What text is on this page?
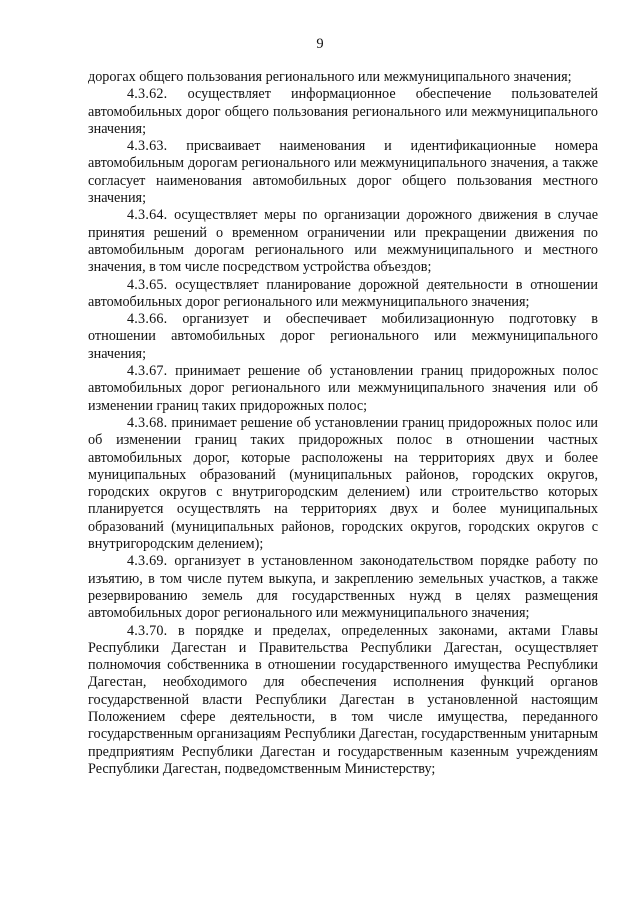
9

дорогах общего пользования регионального или межмуниципального значения;

4.3.62. осуществляет информационное обеспечение пользователей автомобильных дорог общего пользования регионального или межмуниципального значения;

4.3.63. присваивает наименования и идентификационные номера автомобильным дорогам регионального или межмуниципального значения, а также согласует наименования автомобильных дорог общего пользования местного значения;

4.3.64. осуществляет меры по организации дорожного движения в случае принятия решений о временном ограничении или прекращении движения по автомобильным дорогам регионального или межмуниципального и местного значения, в том числе посредством устройства объездов;

4.3.65. осуществляет планирование дорожной деятельности в отношении автомобильных дорог регионального или межмуниципального значения;

4.3.66. организует и обеспечивает мобилизационную подготовку в отношении автомобильных дорог регионального или межмуниципального значения;

4.3.67. принимает решение об установлении границ придорожных полос автомобильных дорог регионального или межмуниципального значения или об изменении границ таких придорожных полос;

4.3.68. принимает решение об установлении границ придорожных полос или об изменении границ таких придорожных полос в отношении частных автомобильных дорог, которые расположены на территориях двух и более муниципальных образований (муниципальных районов, городских округов, городских округов с внутригородским делением) или строительство которых планируется осуществлять на территориях двух и более муниципальных образований (муниципальных районов, городских округов, городских округов с внутригородским делением);

4.3.69. организует в установленном законодательством порядке работу по изъятию, в том числе путем выкупа, и закреплению земельных участков, а также резервированию земель для государственных нужд в целях размещения автомобильных дорог регионального или межмуниципального значения;

4.3.70. в порядке и пределах, определенных законами, актами Главы Республики Дагестан и Правительства Республики Дагестан, осуществляет полномочия собственника в отношении государственного имущества Республики Дагестан, необходимого для обеспечения исполнения функций органов государственной власти Республики Дагестан в установленной настоящим Положением сфере деятельности, в том числе имущества, переданного государственным организациям Республики Дагестан, государственным унитарным предприятиям Республики Дагестан и государственным казенным учреждениям Республики Дагестан, подведомственным Министерству;
